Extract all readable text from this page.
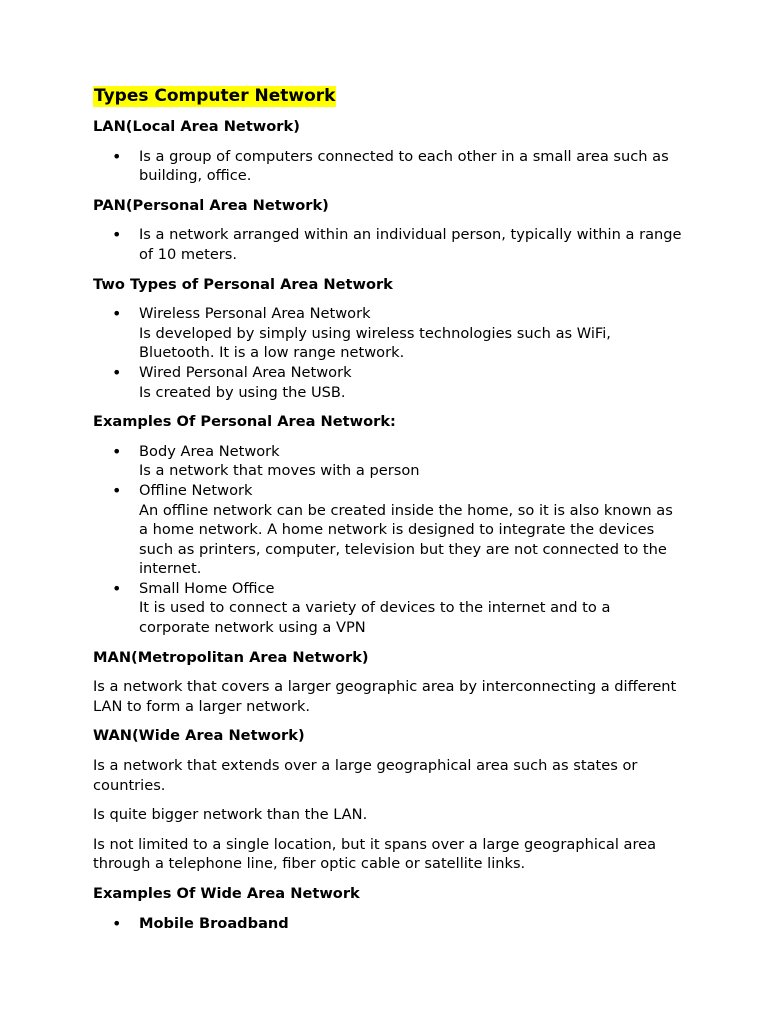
Types Computer Network
LAN(Local Area Network)
• Is a group of computers connected to each other in a small area such as building, office.
PAN(Personal Area Network)
• Is a network arranged within an individual person, typically within a range of 10 meters.
Two Types of Personal Area Network
• Wireless Personal Area Network
Is developed by simply using wireless technologies such as WiFi, Bluetooth. It is a low range network.
• Wired Personal Area Network
Is created by using the USB.
Examples Of Personal Area Network:
• Body Area Network
Is a network that moves with a person
• Offline Network
An offline network can be created inside the home, so it is also known as a home network. A home network is designed to integrate the devices such as printers, computer, television but they are not connected to the internet.
• Small Home Office
It is used to connect a variety of devices to the internet and to a corporate network using a VPN
MAN(Metropolitan Area Network)
Is a network that covers a larger geographic area by interconnecting a different LAN to form a larger network.
WAN(Wide Area Network)
Is a network that extends over a large geographical area such as states or countries.
Is quite bigger network than the LAN.
Is not limited to a single location, but it spans over a large geographical area through a telephone line, fiber optic cable or satellite links.
Examples Of Wide Area Network
• Mobile Broadband
